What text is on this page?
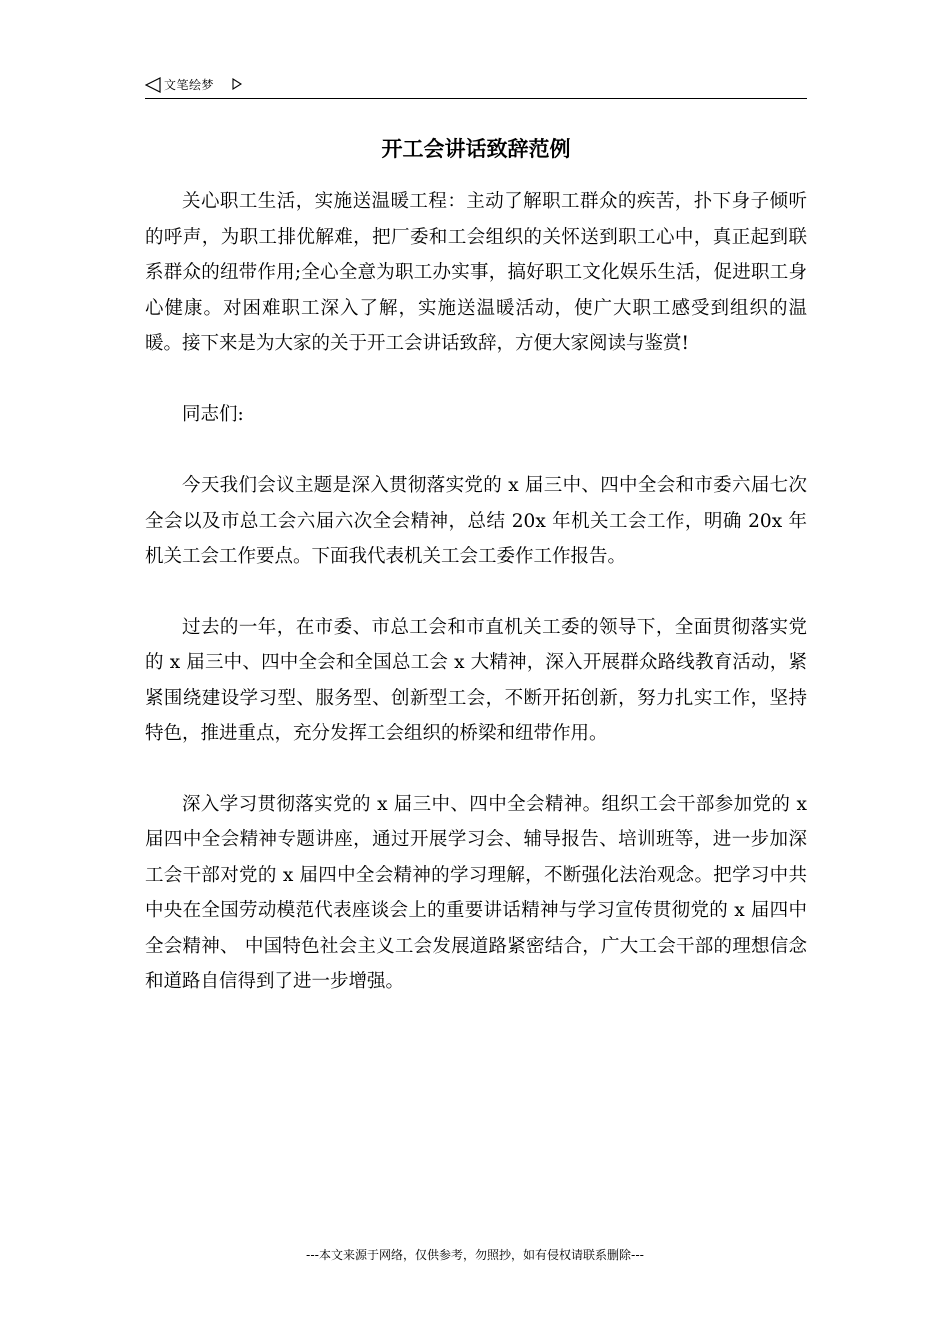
文笔绘梦
开工会讲话致辞范例

关心职工生活，实施送温暖工程：主动了解职工群众的疾苦，扑下身子倾听的呼声，为职工排优解难，把厂委和工会组织的关怀送到职工心中，真正起到联系群众的纽带作用;全心全意为职工办实事，搞好职工文化娱乐生活，促进职工身心健康。对困难职工深入了解，实施送温暖活动，使广大职工感受到组织的温暖。接下来是为大家的关于开工会讲话致辞，方便大家阅读与鉴赏!

同志们:

今天我们会议主题是深入贯彻落实党的 x 届三中、四中全会和市委六届七次全会以及市总工会六届六次全会精神，总结 20x 年机关工会工作，明确 20x 年机关工会工作要点。下面我代表机关工会工委作工作报告。

过去的一年，在市委、市总工会和市直机关工委的领导下，全面贯彻落实党的 x 届三中、四中全会和全国总工会 x 大精神，深入开展群众路线教育活动，紧紧围绕建设学习型、服务型、创新型工会，不断开拓创新，努力扎实工作，坚持特色，推进重点，充分发挥工会组织的桥梁和纽带作用。

深入学习贯彻落实党的 x 届三中、四中全会精神。组织工会干部参加党的 x 届四中全会精神专题讲座，通过开展学习会、辅导报告、培训班等，进一步加深工会干部对党的 x 届四中全会精神的学习理解，不断强化法治观念。把学习中共中央在全国劳动模范代表座谈会上的重要讲话精神与学习宣传贯彻党的 x 届四中全会精神、 中国特色社会主义工会发展道路紧密结合，广大工会干部的理想信念和道路自信得到了进一步增强。

---本文来源于网络，仅供参考，勿照抄，如有侵权请联系删除---
